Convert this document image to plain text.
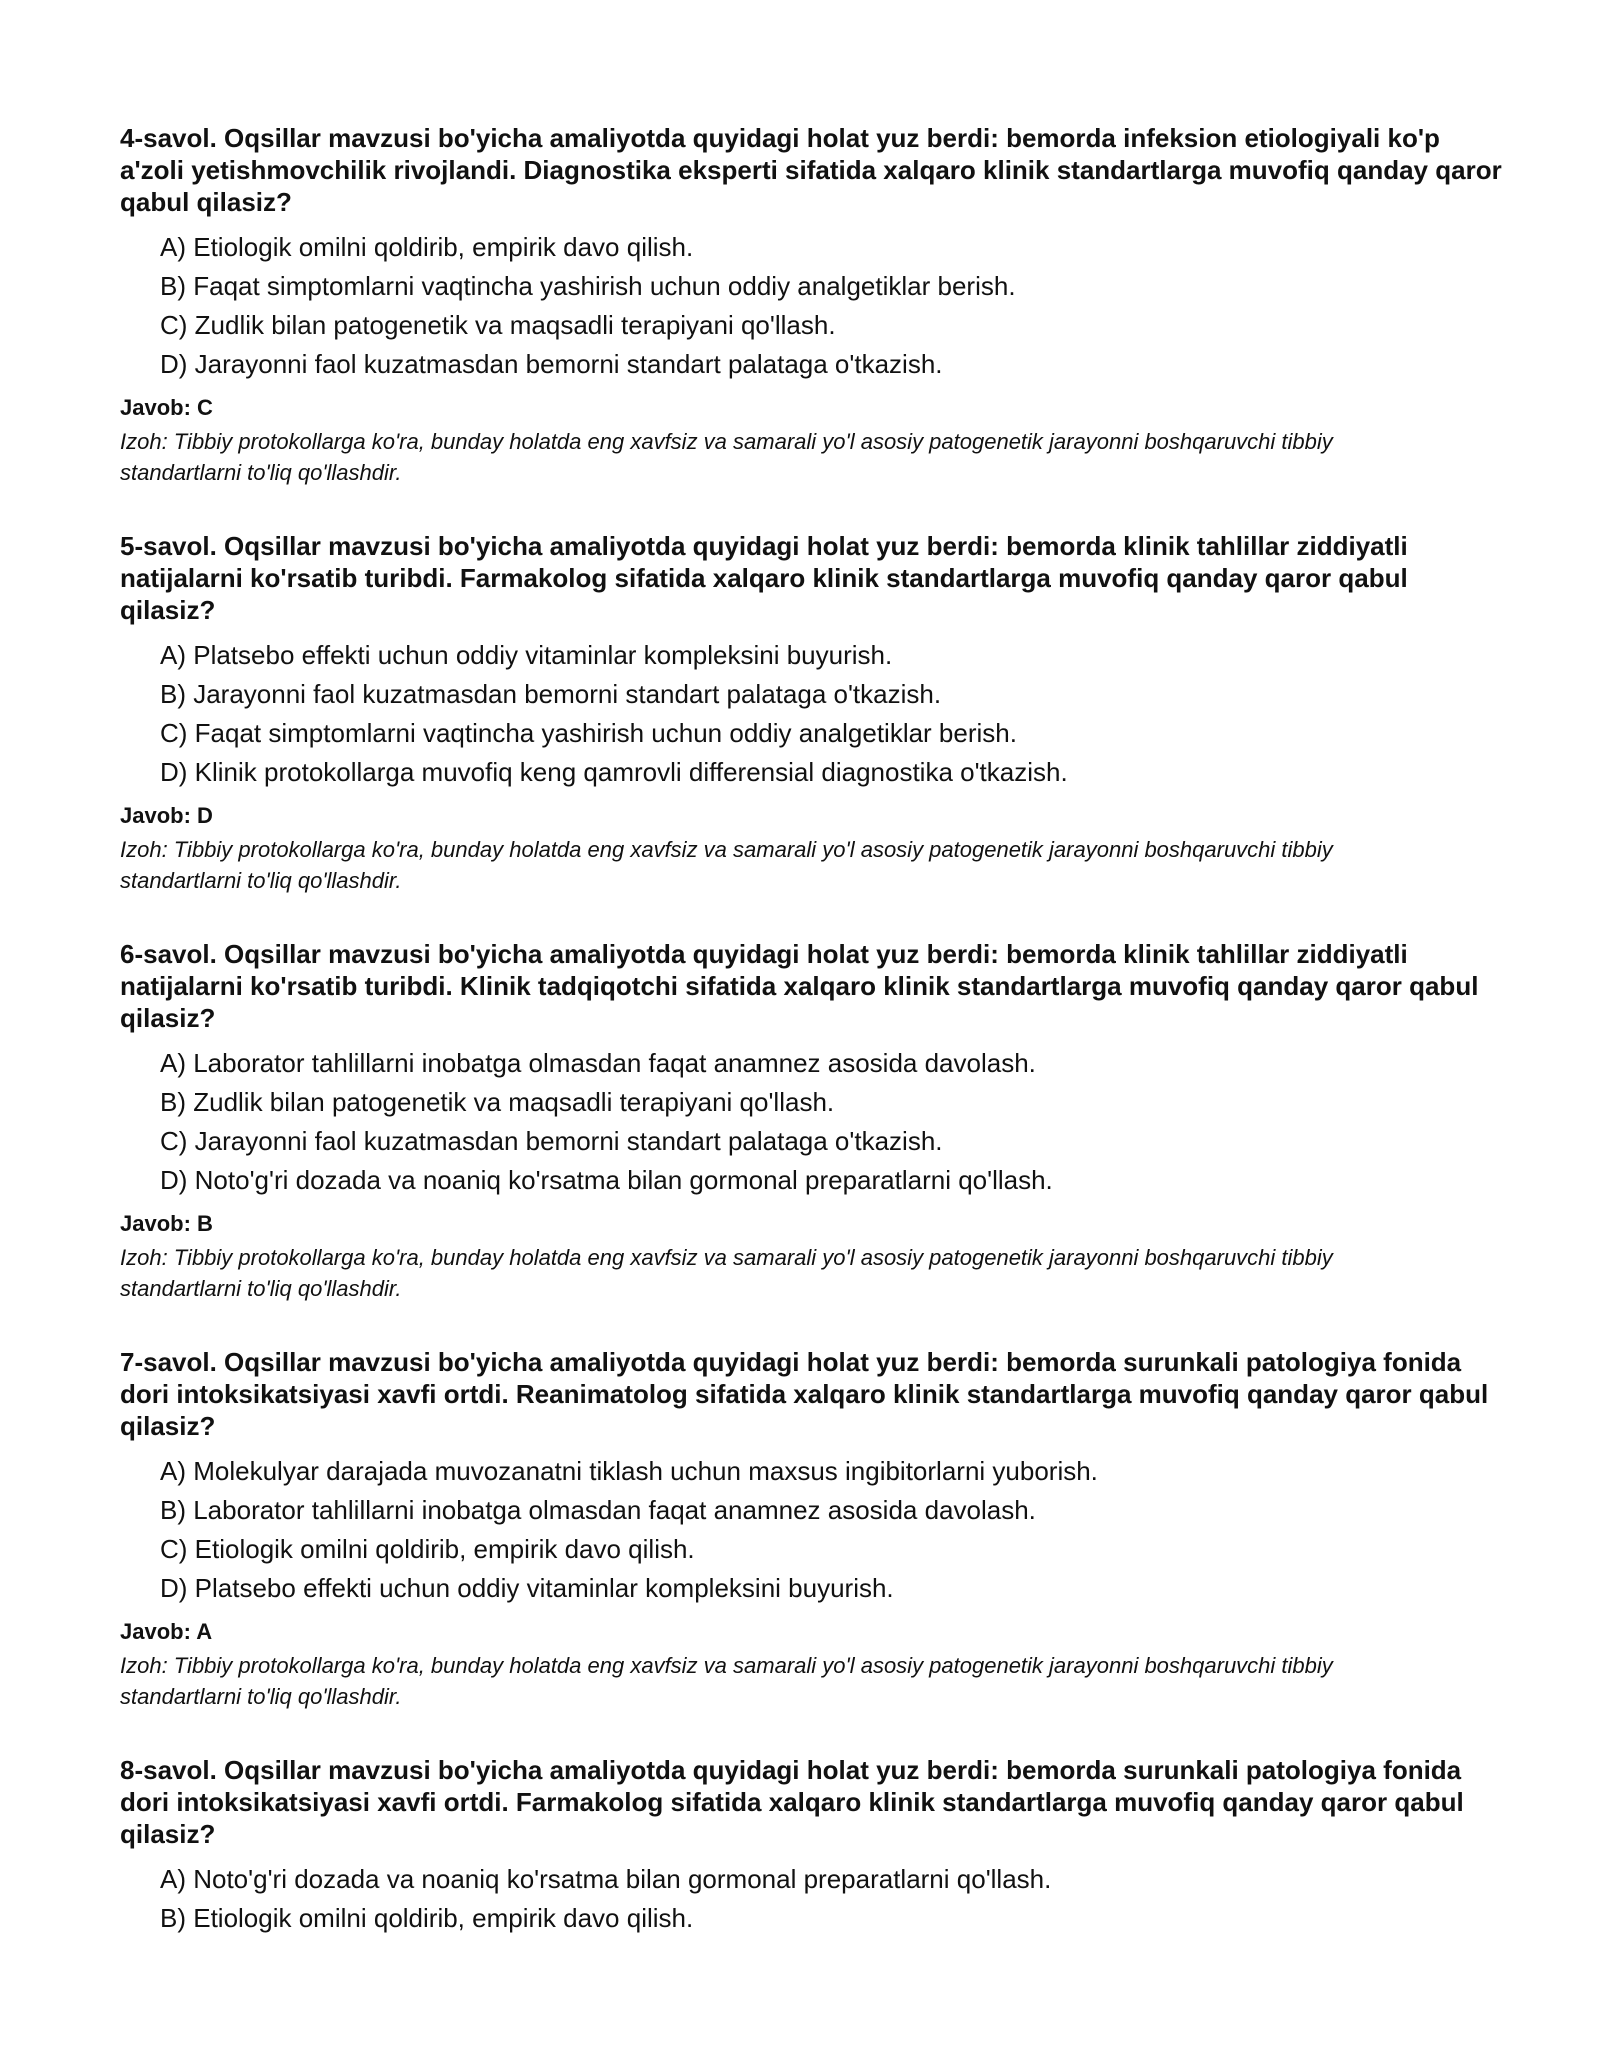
4-savol. Oqsillar mavzusi bo'yicha amaliyotda quyidagi holat yuz berdi: bemorda infeksion etiologiyali ko'p a'zoli yetishmovchilik rivojlandi. Diagnostika eksperti sifatida xalqaro klinik standartlarga muvofiq qanday qaror qabul qilasiz?

A) Etiologik omilni qoldirib, empirik davo qilish.
B) Faqat simptomlarni vaqtincha yashirish uchun oddiy analgetiklar berish.
C) Zudlik bilan patogenetik va maqsadli terapiyani qo'llash.
D) Jarayonni faol kuzatmasdan bemorni standart palataga o'tkazish.

Javob: C

Izoh: Tibbiy protokollarga ko'ra, bunday holatda eng xavfsiz va samarali yo'l asosiy patogenetik jarayonni boshqaruvchi tibbiy standartlarni to'liq qo'llashdir.

5-savol. Oqsillar mavzusi bo'yicha amaliyotda quyidagi holat yuz berdi: bemorda klinik tahlillar ziddiyatli natijalarni ko'rsatib turibdi. Farmakolog sifatida xalqaro klinik standartlarga muvofiq qanday qaror qabul qilasiz?

A) Platsebo effekti uchun oddiy vitaminlar kompleksini buyurish.
B) Jarayonni faol kuzatmasdan bemorni standart palataga o'tkazish.
C) Faqat simptomlarni vaqtincha yashirish uchun oddiy analgetiklar berish.
D) Klinik protokollarga muvofiq keng qamrovli differensial diagnostika o'tkazish.

Javob: D

Izoh: Tibbiy protokollarga ko'ra, bunday holatda eng xavfsiz va samarali yo'l asosiy patogenetik jarayonni boshqaruvchi tibbiy standartlarni to'liq qo'llashdir.

6-savol. Oqsillar mavzusi bo'yicha amaliyotda quyidagi holat yuz berdi: bemorda klinik tahlillar ziddiyatli natijalarni ko'rsatib turibdi. Klinik tadqiqotchi sifatida xalqaro klinik standartlarga muvofiq qanday qaror qabul qilasiz?

A) Laborator tahlillarni inobatga olmasdan faqat anamnez asosida davolash.
B) Zudlik bilan patogenetik va maqsadli terapiyani qo'llash.
C) Jarayonni faol kuzatmasdan bemorni standart palataga o'tkazish.
D) Noto'g'ri dozada va noaniq ko'rsatma bilan gormonal preparatlarni qo'llash.

Javob: B

Izoh: Tibbiy protokollarga ko'ra, bunday holatda eng xavfsiz va samarali yo'l asosiy patogenetik jarayonni boshqaruvchi tibbiy standartlarni to'liq qo'llashdir.

7-savol. Oqsillar mavzusi bo'yicha amaliyotda quyidagi holat yuz berdi: bemorda surunkali patologiya fonida dori intoksikatsiyasi xavfi ortdi. Reanimatolog sifatida xalqaro klinik standartlarga muvofiq qanday qaror qabul qilasiz?

A) Molekulyar darajada muvozanatni tiklash uchun maxsus ingibitorlarni yuborish.
B) Laborator tahlillarni inobatga olmasdan faqat anamnez asosida davolash.
C) Etiologik omilni qoldirib, empirik davo qilish.
D) Platsebo effekti uchun oddiy vitaminlar kompleksini buyurish.

Javob: A

Izoh: Tibbiy protokollarga ko'ra, bunday holatda eng xavfsiz va samarali yo'l asosiy patogenetik jarayonni boshqaruvchi tibbiy standartlarni to'liq qo'llashdir.

8-savol. Oqsillar mavzusi bo'yicha amaliyotda quyidagi holat yuz berdi: bemorda surunkali patologiya fonida dori intoksikatsiyasi xavfi ortdi. Farmakolog sifatida xalqaro klinik standartlarga muvofiq qanday qaror qabul qilasiz?

A) Noto'g'ri dozada va noaniq ko'rsatma bilan gormonal preparatlarni qo'llash.
B) Etiologik omilni qoldirib, empirik davo qilish.
